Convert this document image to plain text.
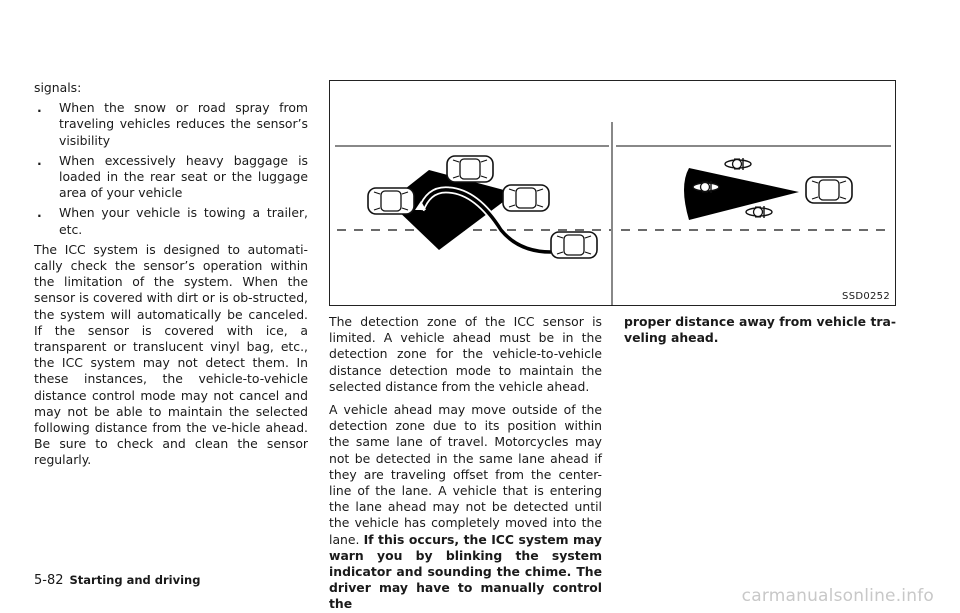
signals:

. When the snow or road spray from traveling vehicles reduces the sensor’s visibility
. When excessively heavy baggage is loaded in the rear seat or the luggage area of your vehicle
. When your vehicle is towing a trailer, etc.

The ICC system is designed to automati-cally check the sensor’s operation within the limitation of the system. When the sensor is covered with dirt or is ob-structed, the system will automatically be canceled. If the sensor is covered with ice, a transparent or translucent vinyl bag, etc., the ICC system may not detect them. In these instances, the vehicle-to-vehicle distance control mode may not cancel and may not be able to maintain the selected following distance from the ve-hicle ahead. Be sure to check and clean the sensor regularly.

SSD0252

The detection zone of the ICC sensor is limited. A vehicle ahead must be in the detection zone for the vehicle-to-vehicle distance detection mode to maintain the selected distance from the vehicle ahead.

A vehicle ahead may move outside of the detection zone due to its position within the same lane of travel. Motorcycles may not be detected in the same lane ahead if they are traveling offset from the center-line of the lane. A vehicle that is entering the lane ahead may not be detected until the vehicle has completely moved into the lane. If this occurs, the ICC system may warn you by blinking the system indicator and sounding the chime. The driver may have to manually control the

proper distance away from vehicle tra-veling ahead.

5-82 Starting and driving
carmanualsonline.info
